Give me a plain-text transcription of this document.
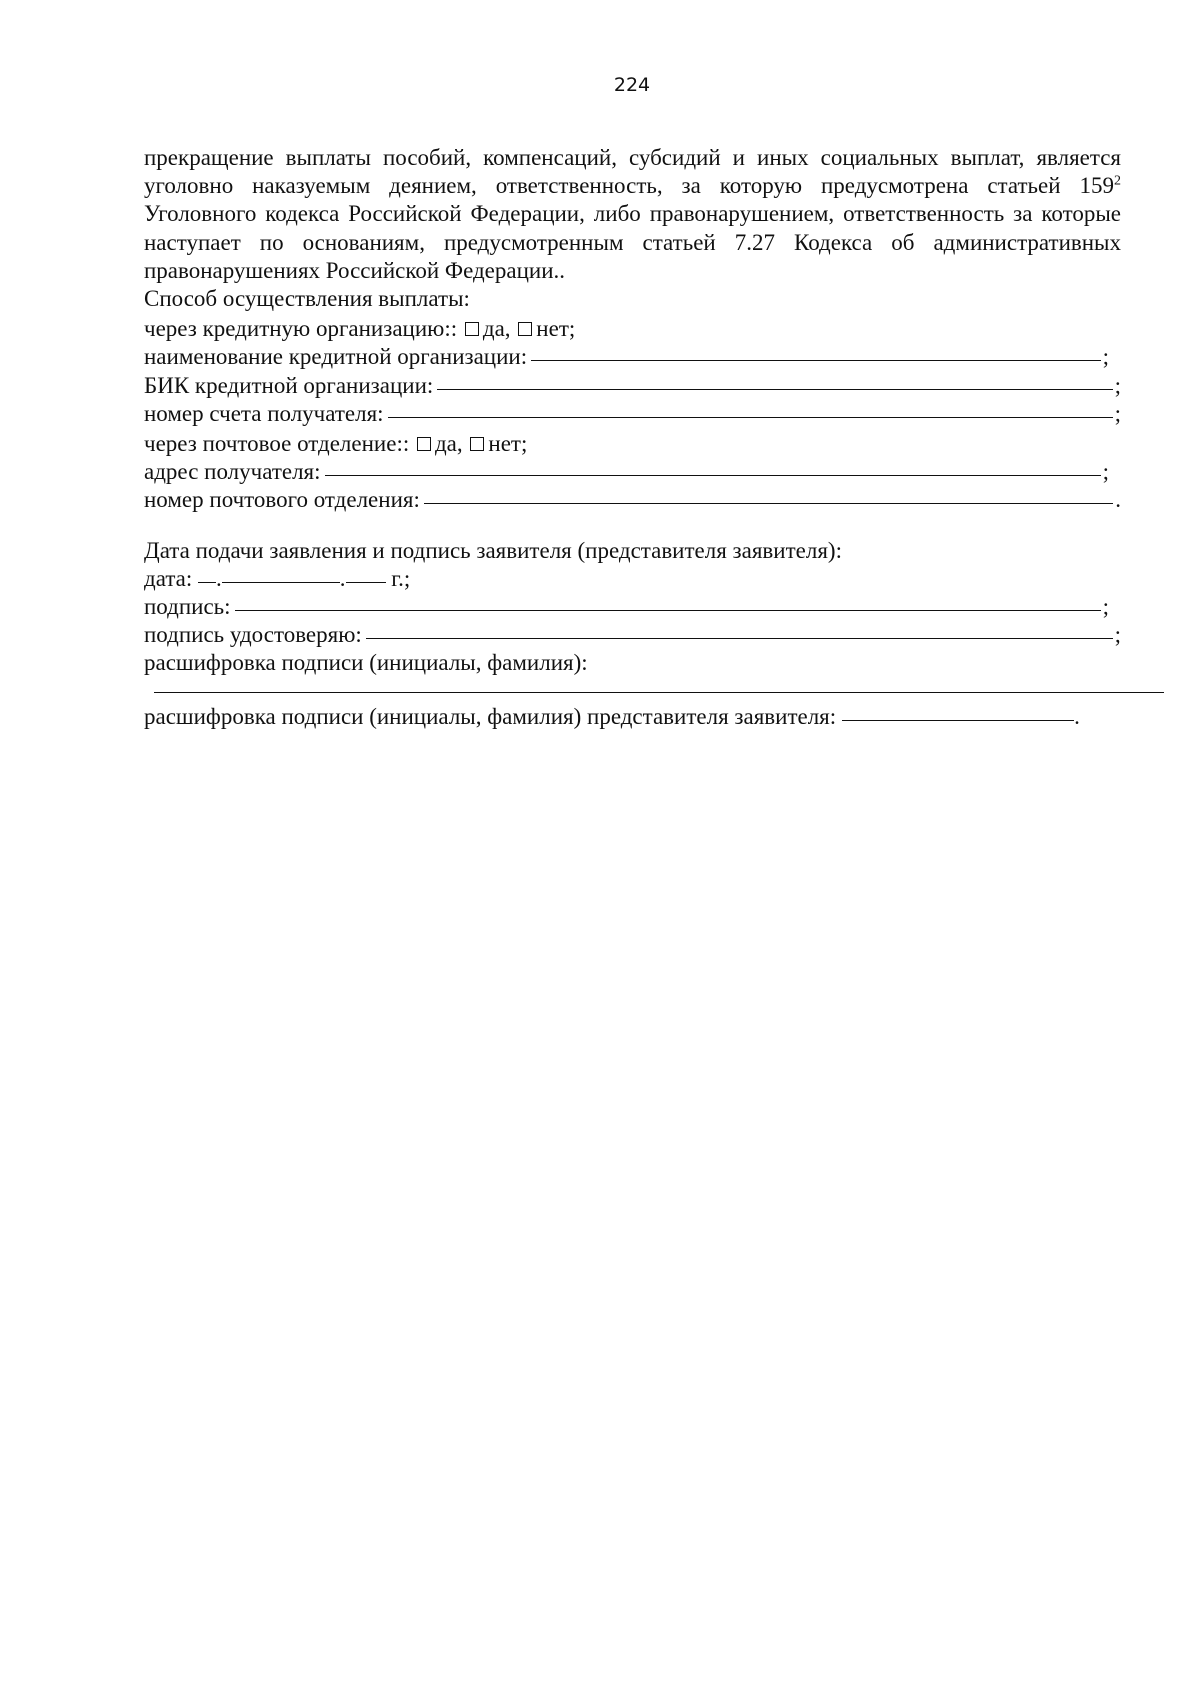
224

прекращение выплаты пособий, компенсаций, субсидий и иных социальных выплат, является уголовно наказуемым деянием, ответственность, за которую предусмотрена статьей $159^2$ Уголовного кодекса Российской Федерации, либо правонарушением, ответственность за которые наступает по основаниям, предусмотренным статьей 7.27 Кодекса об административных правонарушениях Российской Федерации..

Способ осуществления выплаты:
через кредитную организацию::
да,
нет;
наименование кредитной организации:	;
БИК кредитной организации:	;
номер счета получателя:	;
через почтовое отделение::
да,
нет;
адрес получателя:	;
номер почтового отделения:	.
Дата подачи заявления и подпись заявителя (представителя заявителя):
дата:
.	.
г.;
подпись:	;
подпись удостоверяю:	;
расшифровка подписи (инициалы, фамилия):
расшифровка подписи (инициалы, фамилия) представителя заявителя:	.
